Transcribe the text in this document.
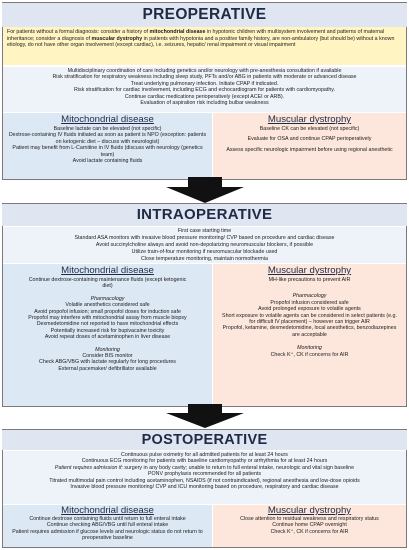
PREOPERATIVE
For patients without a formal diagnosis: consider a history of mitochondrial disease in hypotonic children with multisystem involvement and patterns of maternal inheritance; consider a diagnosis of muscular dystrophy in patients with hypotonia and a positive family history, are non-ambulatory (but should be) without a known etiology, do not have other organ involvement (except cardiac), i.e. seizures, hepatic/ renal impairment or visual impairment
Multidisciplinary coordination of care including genetics and/or neurology with pre-anesthesia consultation if available
Risk stratification for respiratory weakness including sleep study, PFTs and/or ABG in patients with moderate or advanced disease
Treat underlying pulmonary infection. Initiate CPAP if indicated.
Risk stratification for cardiac involvement, including ECG and echocardiogram for patients with cardiomyopathy.
Continue cardiac medications perioperatively (except ACEI or ARB).
Evaluation of aspiration risk including bulbar weakness
Mitochondrial disease
Baseline lactate can be elevated (not specific)
Dextrose-containing IV fluids initiated as soon as patient is NPO (exception: patients on ketogenic diet – discuss with neurologist)
Patient may benefit from L-Carnitine in IV fluids (discuss with neurology (genetics team)
Avoid lactate containing fluids
Muscular dystrophy
Baseline CK can be elevated (not specific)
Evaluate for OSA and continue CPAP perioperatively
Assess specific neurologic impairment before using regional anesthetic
INTRAOPERATIVE
First case starting time
Standard ASA monitors with invasive blood pressure monitoring/ CVP based on procedure and cardiac disease
Avoid succinylcholine always and avoid non-depolarizing neuromuscular blockers, if possible
Utilize train-of-four monitoring if neuromuscular blockade used
Close temperature monitoring, maintain normothermia
Mitochondrial disease
Continue dextrose-containing maintenance fluids (except ketogenic diet)
Pharmacology
Volatile anesthetics considered safe
Avoid propofol infusion; small propofol doses for induction safe
Propofol may interfere with mitochondrial assay from muscle biopsy
Dexmedetomidine not reported to have mitochondrial effects
Potentially increased risk for bupivacaine toxicity
Avoid repeat doses of acetaminophen in liver disease
Monitoring
Consider BIS monitor
Check ABG/VBG with lactate regularly for long procedures
External pacemaker/ defibrillator available
Muscular dystrophy
MH-like precautions to prevent AIR
Pharmacology
Propofol infusion considered safe
Avoid prolonged exposure to volatile agents
Short exposure to volatile agents can be considered in select patients (e.g. for difficult IV placement) – however can trigger AIR
Propofol, ketamine, dexmedetomidine, local anesthetics, benzodiazepines are acceptable
Monitoring
Check K⁺, CK if concerns for AIR
POSTOPERATIVE
Continuous pulse oximetry for all admitted patients for at least 24 hours
Continuous ECG monitoring for patients with baseline cardiomyopathy or arrhythmia for at least 24 hours
Patient requires admission if: surgery in any body cavity; unable to return to full enteral intake, neurologic and vital sign baseline
PONV prophylaxis recommended for all patients
Titrated multimodal pain control including acetaminophen, NSAIDS (if not contraindicated), regional anesthesia and low-dose opioids
Invasive blood pressure monitoring/ CVP and ICU monitoring based on procedure, respiratory and cardiac disease
Mitochondrial disease
Continue dextrose containing fluids until return to full enteral intake
Continue checking ABG/VBG until full enteral intake
Patient requires admission if glucose levels and neurologic status do not return to preoperative baseline
Muscular dystrophy
Close attention to residual weakness and respiratory status
Continue home CPAP overnight
Check K⁺, CK if concerns for AIR
